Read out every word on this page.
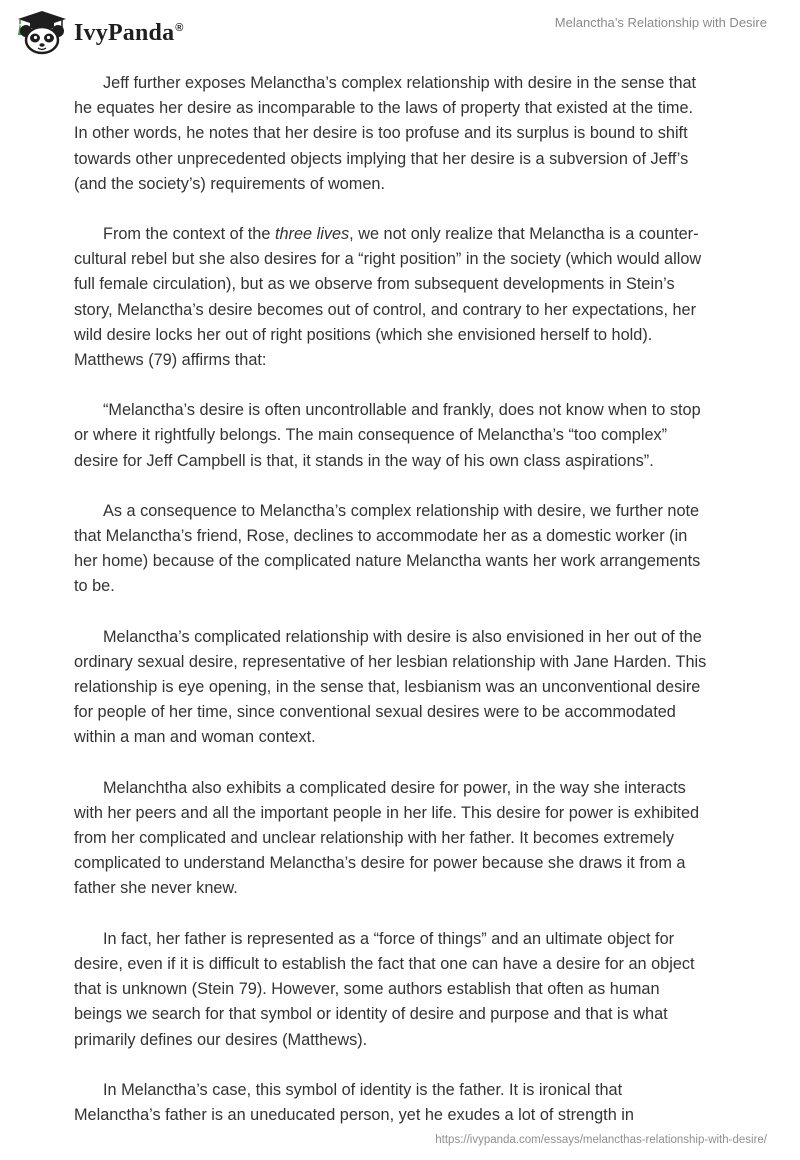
IvyPanda®	Melanctha’s Relationship with Desire

Jeff further exposes Melanctha’s complex relationship with desire in the sense that
he equates her desire as incomparable to the laws of property that existed at the time.
In other words, he notes that her desire is too profuse and its surplus is bound to shift
towards other unprecedented objects implying that her desire is a subversion of Jeff’s
(and the society’s) requirements of women.

From the context of the three lives, we not only realize that Melanctha is a counter-
cultural rebel but she also desires for a “right position” in the society (which would allow
full female circulation), but as we observe from subsequent developments in Stein’s
story, Melanctha’s desire becomes out of control, and contrary to her expectations, her
wild desire locks her out of right positions (which she envisioned herself to hold).
Matthews (79) affirms that:

“Melanctha’s desire is often uncontrollable and frankly, does not know when to stop
or where it rightfully belongs. The main consequence of Melanctha’s “too complex”
desire for Jeff Campbell is that, it stands in the way of his own class aspirations”.

As a consequence to Melanctha’s complex relationship with desire, we further note
that Melanctha’s friend, Rose, declines to accommodate her as a domestic worker (in
her home) because of the complicated nature Melanctha wants her work arrangements
to be.

Melanctha’s complicated relationship with desire is also envisioned in her out of the
ordinary sexual desire, representative of her lesbian relationship with Jane Harden. This
relationship is eye opening, in the sense that, lesbianism was an unconventional desire
for people of her time, since conventional sexual desires were to be accommodated
within a man and woman context.

Melanchtha also exhibits a complicated desire for power, in the way she interacts
with her peers and all the important people in her life. This desire for power is exhibited
from her complicated and unclear relationship with her father. It becomes extremely
complicated to understand Melanctha’s desire for power because she draws it from a
father she never knew.

In fact, her father is represented as a “force of things” and an ultimate object for
desire, even if it is difficult to establish the fact that one can have a desire for an object
that is unknown (Stein 79). However, some authors establish that often as human
beings we search for that symbol or identity of desire and purpose and that is what
primarily defines our desires (Matthews).

In Melanctha’s case, this symbol of identity is the father. It is ironical that
Melanctha’s father is an uneducated person, yet he exudes a lot of strength in

https://ivypanda.com/essays/melancthas-relationship-with-desire/
